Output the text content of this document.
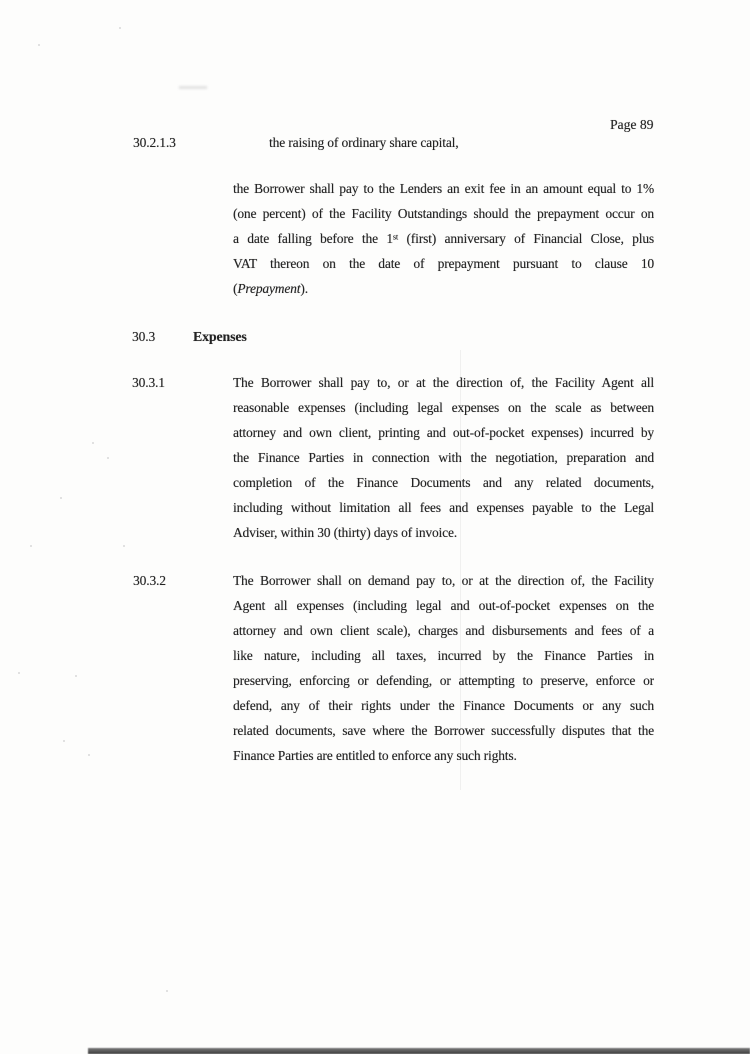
Page 89
30.2.1.3	the raising of ordinary share capital,
the Borrower shall pay to the Lenders an exit fee in an amount equal to 1%
(one percent) of the Facility Outstandings should the prepayment occur on
a date falling before the 1st (first) anniversary of Financial Close, plus
VAT thereon on the date of prepayment pursuant to clause 10
(Prepayment).
30.3	Expenses
30.3.1	The Borrower shall pay to, or at the direction of, the Facility Agent all
reasonable expenses (including legal expenses on the scale as between
attorney and own client, printing and out-of-pocket expenses) incurred by
the Finance Parties in connection with the negotiation, preparation and
completion of the Finance Documents and any related documents,
including without limitation all fees and expenses payable to the Legal
Adviser, within 30 (thirty) days of invoice.
30.3.2	The Borrower shall on demand pay to, or at the direction of, the Facility
Agent all expenses (including legal and out-of-pocket expenses on the
attorney and own client scale), charges and disbursements and fees of a
like nature, including all taxes, incurred by the Finance Parties in
preserving, enforcing or defending, or attempting to preserve, enforce or
defend, any of their rights under the Finance Documents or any such
related documents, save where the Borrower successfully disputes that the
Finance Parties are entitled to enforce any such rights.
